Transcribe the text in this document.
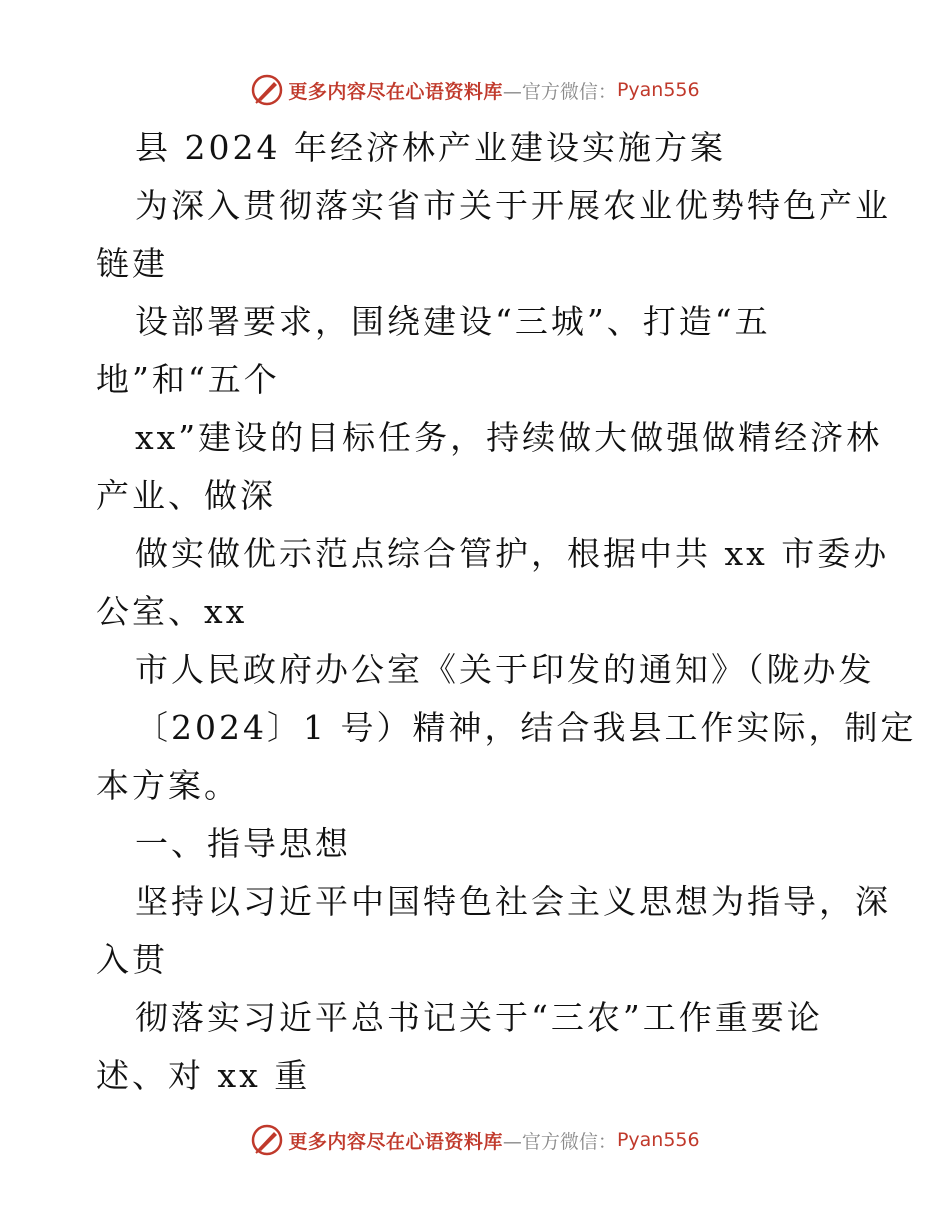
更多内容尽在心语资料库 —官方微信： Pyan556
县 2024 年经济林产业建设实施方案
为深入贯彻落实省市关于开展农业优势特色产业
链建
设部署要求，围绕建设“三城”、打造“五
地”和“五个
xx”建设的目标任务，持续做大做强做精经济林
产业、做深
做实做优示范点综合管护，根据中共 xx 市委办
公室、xx
市人民政府办公室《关于印发的通知》（陇办发
〔2024〕1 号）精神，结合我县工作实际，制定
本方案。
一、指导思想
坚持以习近平中国特色社会主义思想为指导，深
入贯
彻落实习近平总书记关于“三农”工作重要论
述、对 xx 重
更多内容尽在心语资料库 —官方微信： Pyan556
